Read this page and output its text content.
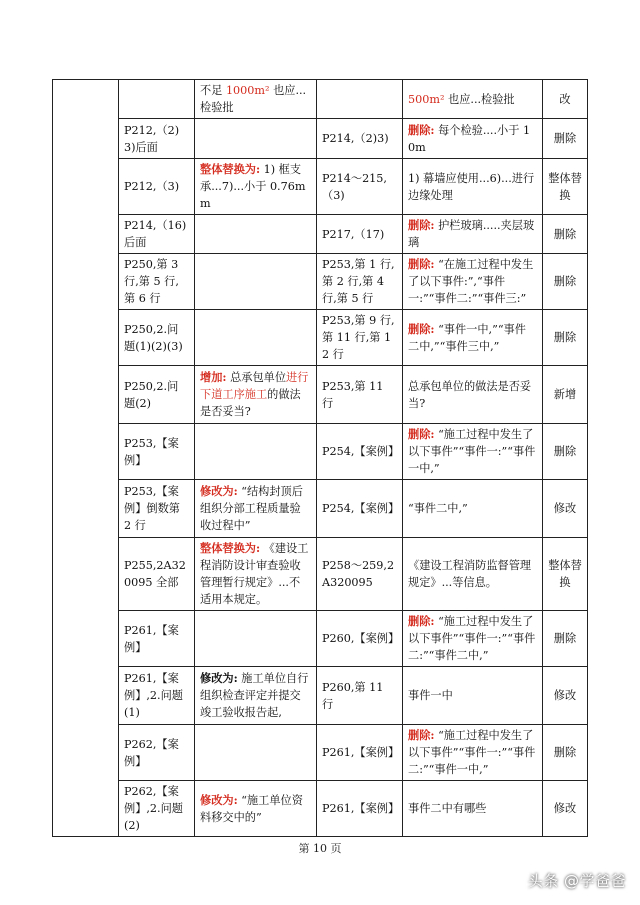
		不足 1000m² 也应...检验批		500m² 也应...检验批	改
	P212,（2)3)后面		P214,（2)3)	删除: 每个检验....小于 10m	删除
	P212,（3)	整体替换为: 1) 框支承...7)...小于 0.76mm	P214～215,（3)	1) 幕墙应使用...6)...进行边缘处理	整体替换
	P214,（16)后面		P217,（17)	删除: 护栏玻璃.....夹层玻璃	删除
	P250,第 3 行,第 5 行,第 6 行		P253,第 1 行,第 2 行,第 4 行,第 5 行	删除: “在施工过程中发生了以下事件:”,“事件一:”“事件二:”“事件三:”	删除
	P250,2.问题(1)(2)(3)		P253,第 9 行,第 11 行,第 12 行	删除: “事件一中,”“事件二中,”“事件三中,”	删除
	P250,2.问题(2)	增加: 总承包单位进行下道工序施工的做法是否妥当?	P253,第 11 行	总承包单位的做法是否妥当?	新增
	P253,【案例】		P254,【案例】	删除: “施工过程中发生了以下事件”“事件一:”“事件一中,”	删除
	P253,【案例】倒数第 2 行	修改为: “结构封顶后组织分部工程质量验收过程中”	P254,【案例】	“事件二中,”	修改
	P255,2A320095 全部	整体替换为: 《建设工程消防设计审查验收管理暂行规定》...不适用本规定。	P258～259,2A320095	《建设工程消防监督管理规定》...等信息。	整体替换
	P261,【案例】		P260,【案例】	删除: “施工过程中发生了以下事件”“事件一:”“事件二:”“事件二中,”	删除
	P261,【案例】,2.问题(1)	修改为: 施工单位自行组织检查评定并提交竣工验收报告起,	P260,第 11 行	事件一中	修改
	P262,【案例】		P261,【案例】	删除: “施工过程中发生了以下事件”“事件一:”“事件二:”“事件一中,”	删除
	P262,【案例】,2.问题(2)	修改为: “施工单位资料移交中的”	P261,【案例】	事件二中有哪些	修改
第 10 页
头条 @学爸爸
